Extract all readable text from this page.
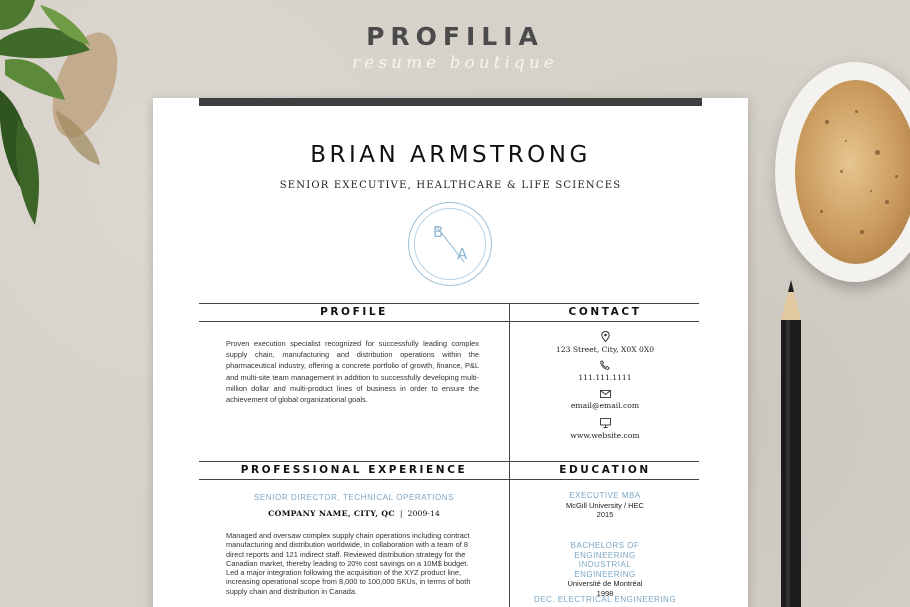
PROFILIA
resume boutique
BRIAN ARMSTRONG
SENIOR EXECUTIVE, HEALTHCARE & LIFE SCIENCES
B
A
PROFILE	CONTACT
PROFESSIONAL EXPERIENCE	EDUCATION
Proven execution specialist recognized for successfully leading complex supply chain, manufacturing and distribution operations within the pharmaceutical industry, offering a concrete portfolio of growth, finance, P&L and multi-site team management in addition to successfully developing multi-million dollar and multi-product lines of business in order to ensure the achievement of global organizational goals.
123 Street, City, X0X 0X0
111.111.1111
email@email.com
www.website.com
SENIOR DIRECTOR, TECHNICAL OPERATIONS
COMPANY NAME, CITY, QC | 2009-14
Managed and oversaw complex supply chain operations including contract manufacturing and distribution worldwide, in collaboration with a team of 8 direct reports and 121 indirect staff. Reviewed distribution strategy for the Canadian market, thereby leading to 20% cost savings on a 10M$ budget. Led a major integration following the acquisition of the XYZ product line, increasing operational scope from 8,000 to 100,000 SKUs, in terms of both supply chain and distribution in Canada.
EXECUTIVE MBA
McGill University / HEC
2015
BACHELORS OF ENGINEERING INDUSTRIAL ENGINEERING
Université de Montréal
1998
DEC. ELECTRICAL ENGINEERING
